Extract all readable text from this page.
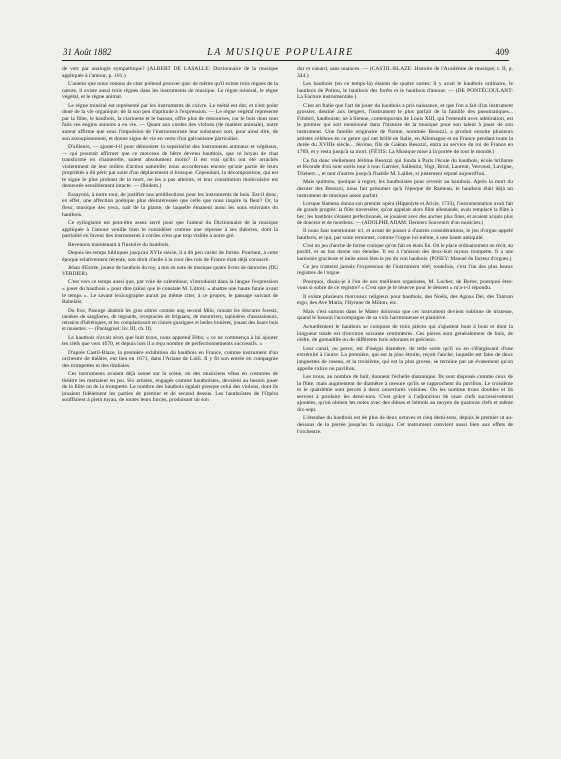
31 Août 1882	LA MUSIQUE POPULAIRE	409

de vert par analogie sympathique? (ALBERT DE LASALLE: Dictionnaire de la musique appliquée à l'amour, p. 161.)

L'auteur que nous venons de citer prétend prouver que: de même qu'il existe trois règnes de la nature, il existe aussi trois règnes dans les instruments de musique. Le règne minéral, le règne végétal, et le règne animal.

Le règne minéral est représenté par les instruments de cuivre. Le métal est dur, et n'est point doué de la vie organique; de là son peu d'aptitude à l'expression. — Le règne végétal représenté par la flûte, le hautbois, la clarinette et le basson, offre plus de ressources, car le bois dont sont faits ces engins sonores a eu vie. — Quant aux cordes des violons (de matière animale), notre auteur affirme que sous l'impulsion de l'instrumentiste leur substance sort, pour ainsi dire, de son assoupissement, et donne signe de vie en vertu d'un galvanisme particulier.

D'ailleurs, — ajoute-t-il pour démontrer la supériorité des instruments animaux et végétaux, — qui pourrait affirmer que ce morceau de hêtre devenu hautbois, que ce boyau de chat transformé en chanterelle, soient absolument morts? Il est vrai qu'ils ont été arrachés violemment de leur milieu d'action naturelle; nous accorderons encore qu'une partie de leurs propriétés a dû périr par suite d'un déplacement si brusque. Cependant, la décomposition, qui est le signe le plus probant de la mort, ne les a pas atteints, et leur constitution moléculaire est demeurée sensiblement intacte. — (Ibidem.)

Essayons, à notre tour, de justifier nos prédilections pour les instruments de bois. Est-il donc, en effet, une affection poétique plus désintéressée que celle que nous inspire la fleur? Or, la fleur, musique des yeux, naît de la plante, de laquelle émanent aussi les sons enivrants du hautbois.

Ce syllogisme est peut-être assez serré pour que l'auteur du Dictionnaire de la musique appliquée à l'amour veuille bien le considérer comme une réponse à ses théories, dont la partialité en faveur des instruments à cordes n'est que trop visible à notre gré.

Revenons maintenant à l'histoire du hautbois.

Depuis les temps bibliques jusqu'au XVIe siècle, il a dû peu varier de forme. Pourtant, à cette époque relativement récente, son droit d'asile à la cour des rois de France était déjà consacré.

Jehan d'Estrée, joueur de hautbois du roy, a mis en note de musique quatre livres de danceries (DU VERDIER).

C'est vers ce temps aussi que, par voie de calembour, s'introduisit dans la langue l'expression « jouer du hautbois » pour dire (ainsi que le constate M. Littré): « abattre une haute futaie avant le temps ». Le savant lexicographe aurait pu même citer, à ce propos, le passage suivant de Rabelais:

Du froc, Panurge abattoit les gros arbres comme ung second Milo, ruinant les obscures forestz, tanières de sanglieres, de regnards, receptacles de briguans, de meurtriers, tapinières d'assassineurs, retraicts d'hérétiques, et les complanissoit en claires guarigues et belles bruières, jouant des hauts bois et musettes. — (Pantagruel; liv. III, ch. II).

Le hautbois n'avait alors que huit trous, nous apprend Fétis; « ce ne commença à lui ajouter les clefs que vers 1670, et depuis lors il a reçu nombre de perfectionnements successifs. »

D'après Castil-Blaze, la première exhibition du hautbois en France, comme instrument d'un orchestre de théâtre, eut lieu en 1671, dans l'Ariane de Lulli. Il y fit son entrée en compagnie des trompettes et des timbales.

Ces instruments avaient déjà sonné sur la scène, où des musiciens vêtus en costumes de théâtre les mettaient en jeu. Six artistes, engagés comme hautboïstes, devaient au besoin jouer de la flûte ou de la trompette. Le nombre des hautbois égalait presque celui des violons, dont ils jouaient fidèlement les parties de premier et de second dessus. Les hautboïstes de l'Opéra soufflaient à plein tuyau, de toutes leurs forces, produisant un son

dur et canard, sans nuances. — (CASTIL-BLAZE: Histoire de l'Académie de musique; t. II, p. 344.)

Les hautbois (en ce temps-là) étaient de quatre sortes: il y avait le hautbois ordinaire, le hautbois de Poitou, le hautbois des forêts et le hautbois d'amour. — (DE PONTÉCOULANT: La Facture instrumentale.)

C'est en Italie que l'art de jouer du hautbois a pris naissance, et que l'on a fait d'un instrument grossier, destiné aux bergers, l'instrument le plus parfait de la famille des pneumatiques... Filidori, hautboïste, né à Sienne, contemporain de Louis XIII, qui l'entendit avec admiration, est le premier qui soit mentionné dans l'histoire de la musique pour son talent à jouer de son instrument. Une famille originaire de Parme, nommée Besozzi, a produit ensuite plusieurs artistes célèbres en ce genre qui ont brillé en Italie, en Allemagne et en France pendant toute la durée du XVIIIe siècle... Jérome, fils de Gaëtan Besozzi, entra au service du roi de France en 1769, et y resta jusqu'à sa mort. (FÉTIS: La Musique mise à la portée de tout le monde.)

Ce fut donc réellement Jérôme Besozzi qui fonda à Paris l'école du hautbois, école brillante et féconde d'où sont sortis tour à tour Garnier, Sallentin, Vogt, Brod, Laurent, Verroust, Lavigne, Triebert..., et tant d'autres jusqu'à l'habile M. Lalliet, si justement réputé aujourd'hui.

Mais quittons, quoique à regret, les hautboïstes pour revenir au hautbois. Après la mort du dernier des Besozzi, nous fait présumer qu'à l'époque de Rameau, le hautbois était déjà un instrument de musique assez parfait.

Lorsque Rameau donna son premier opéra (Hippolyte et Aricie, 1733), l'instrumentation avait fait de grands progrès: la flûte traversière, qu'on appelait alors flûte allemande, avait remplacé la flûte à bec; les hautbois s'étaient perfectionnés, se jouaient avec des anches plus fines, et avaient acquis plus de douceur et de moelleux. — (ADOLPHE ADAM: Derniers Souvenirs d'un musicien.)

Il nous faut mentionner ici, et avant de passer à d'autres considérations, le jeu d'orgue appelé hautbois, et qui, par suite remonter, comme l'orgue lui-même, à une haute antiquité.

C'est un jeu d'anche de forme conique qu'on fait en étain fin. On le place ordinairement au récit, au positif, et au bas donne son étendue. Il est à l'unisson des deux-huit tuyaux trompette. Il a une harmonie gracieuse et imite assez bien le jeu du vrai hautbois. (POSEY: Manuel du facteur d'orgues.)

Ce jeu n'atteint jamais l'expression de l'instrument réel; toutefois, c'est l'un des plus beaux registres de l'orgue.

Pourquoi, disais-je à l'un de nos meilleurs organistes, M. Locher, de Berne, pourquoi êtes-vous si sobre de ce registre? « C'est que je le réserve pour le dessert » m'a-t-il répondu.

Il existe plusieurs morceaux religieux pour hautbois, des Noëls, des Agnus Dei, des Tantum ergo, des Ave Maria, l'Hymne de Milton, etc.

Mais c'est surtout dans le Mater dolorosa que cet instrument devient sublime de tristesse, quand le basson l'accompagne de sa voix harmonieuse et plaintive.

Actuellement le hautbois se compose de trois pièces qui s'ajustent bout à bout et dont la longueur totale est d'environ soixante centimètres. Ces pièces sont généralement de buis, de cèdre, de grenadille ou de différents bois odorants et précieux.

Leur canal, ou perce, est d'inégal diamètre, de telle sorte qu'il va en s'élargissant d'une extrémité à l'autre. La première, qui est la plus étroite, reçoit l'anche, laquelle est faite de deux languettes de roseau, et la troisième, qui est la plus grosse, se termine par un évasement qu'on appelle calice ou pavillon.

Les trous, au nombre de huit, donnent l'échelle diatonique. Ils sont disposés comme ceux de la flûte, mais augmentent de diamètre à mesure qu'ils se rapprochent du pavillon. Le troisième et le quatrième sont percés à deux ouvertures voisines. On les nomme trous doubles et ils servent à produire les demi-tons. C'est grâce à l'adjonction de onze clefs successivement ajoutées, qu'on obtient les notes avec des dièses et bémols au moyen de quatorze clefs et même dix-sept.

L'étendue du hautbois est de plus de deux octaves et cinq demi-tons, depuis le premier ut au-dessous de la portée jusqu'au fa suraigu. Cet instrument convient aussi bien aux effets de l'orchestre.
